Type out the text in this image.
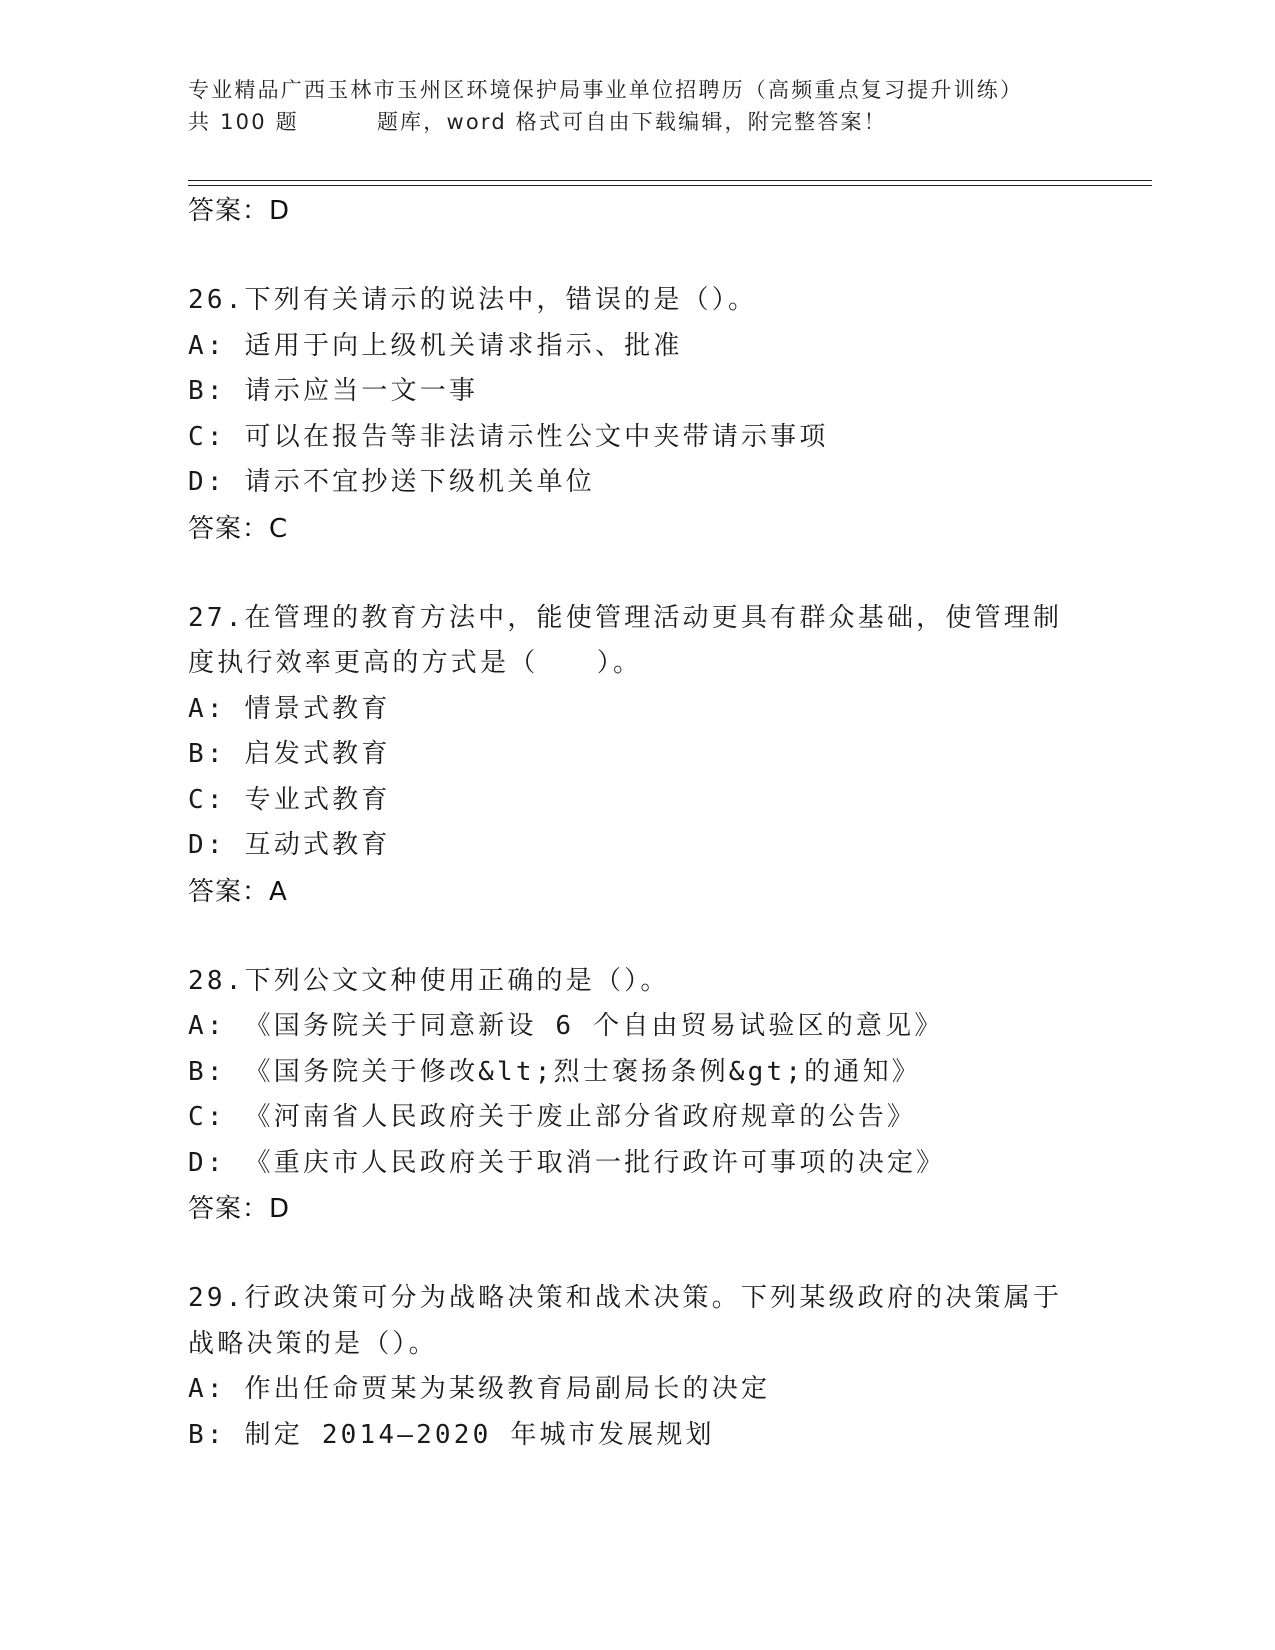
专业精品广西玉林市玉州区环境保护局事业单位招聘历（高频重点复习提升训练）
共 100 题	题库，word 格式可自由下载编辑，附完整答案！
答案：D
26.下列有关请示的说法中，错误的是（）。
A: 适用于向上级机关请求指示、批准
B: 请示应当一文一事
C: 可以在报告等非法请示性公文中夹带请示事项
D: 请示不宜抄送下级机关单位
答案：C
27.在管理的教育方法中，能使管理活动更具有群众基础，使管理制度执行效率更高的方式是（　　）。
A: 情景式教育
B: 启发式教育
C: 专业式教育
D: 互动式教育
答案：A
28.下列公文文种使用正确的是（）。
A: 《国务院关于同意新设 6 个自由贸易试验区的意见》
B: 《国务院关于修改&lt;烈士褒扬条例&gt;的通知》
C: 《河南省人民政府关于废止部分省政府规章的公告》
D: 《重庆市人民政府关于取消一批行政许可事项的决定》
答案：D
29.行政决策可分为战略决策和战术决策。下列某级政府的决策属于战略决策的是（）。
A: 作出任命贾某为某级教育局副局长的决定
B: 制定 2014—2020 年城市发展规划
